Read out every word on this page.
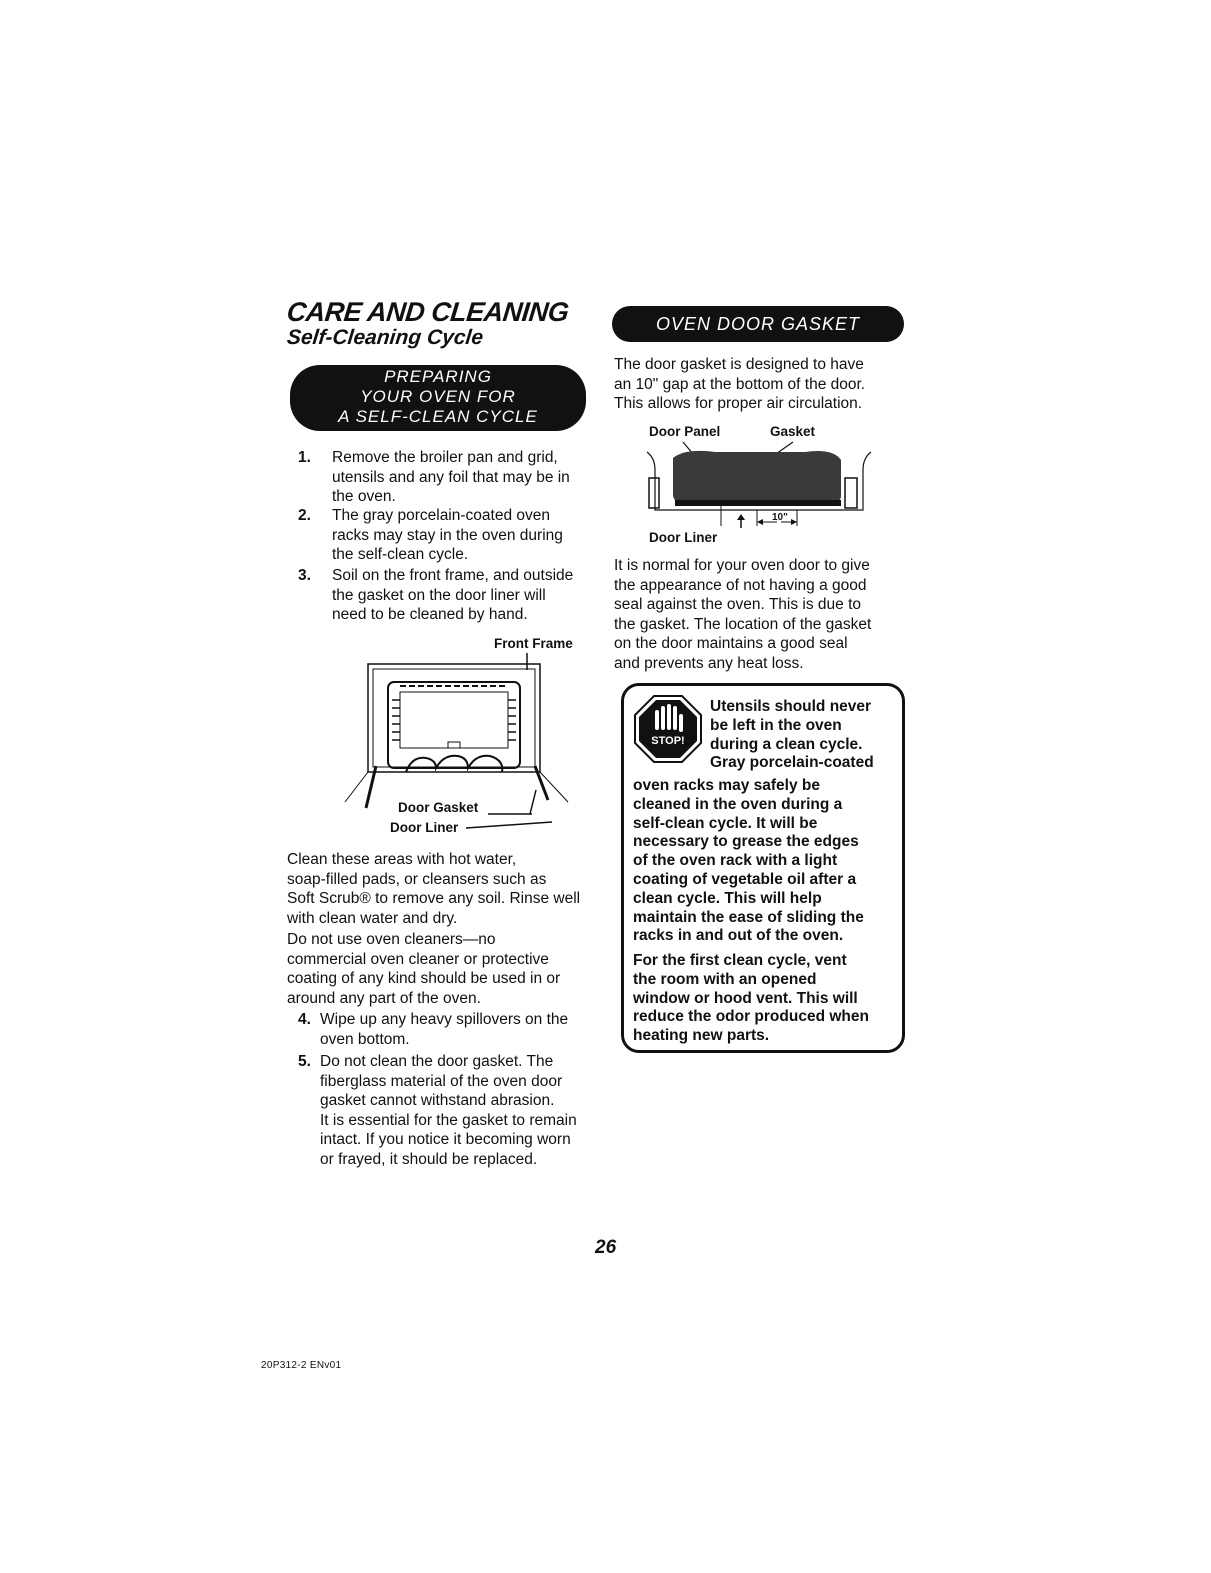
CARE AND CLEANING
Self-Cleaning Cycle
PREPARING
YOUR OVEN FOR
A SELF-CLEAN CYCLE
1. Remove the broiler pan and grid,
utensils and any foil that may be in
the oven.
2. The gray porcelain-coated oven
racks may stay in the oven during
the self-clean cycle.
3. Soil on the front frame, and outside
the gasket on the door liner will
need to be cleaned by hand.
Front Frame
Door Gasket
Door Liner
Clean these areas with hot water,
soap-filled pads, or cleansers such as
Soft Scrub® to remove any soil. Rinse well
with clean water and dry.
Do not use oven cleaners—no
commercial oven cleaner or protective
coating of any kind should be used in or
around any part of the oven.
4. Wipe up any heavy spillovers on the
oven bottom.
5. Do not clean the door gasket. The
fiberglass material of the oven door
gasket cannot withstand abrasion.
It is essential for the gasket to remain
intact. If you notice it becoming worn
or frayed, it should be replaced.
OVEN DOOR GASKET
The door gasket is designed to have
an 10" gap at the bottom of the door.
This allows for proper air circulation.
Door Panel	Gasket
10"
Door Liner
It is normal for your oven door to give
the appearance of not having a good
seal against the oven. This is due to
the gasket. The location of the gasket
on the door maintains a good seal
and prevents any heat loss.
STOP!
Utensils should never
be left in the oven
during a clean cycle.
Gray porcelain-coated
oven racks may safely be
cleaned in the oven during a
self-clean cycle. It will be
necessary to grease the edges
of the oven rack with a light
coating of vegetable oil after a
clean cycle. This will help
maintain the ease of sliding the
racks in and out of the oven.
For the first clean cycle, vent
the room with an opened
window or hood vent. This will
reduce the odor produced when
heating new parts.
26
20P312-2 ENv01
